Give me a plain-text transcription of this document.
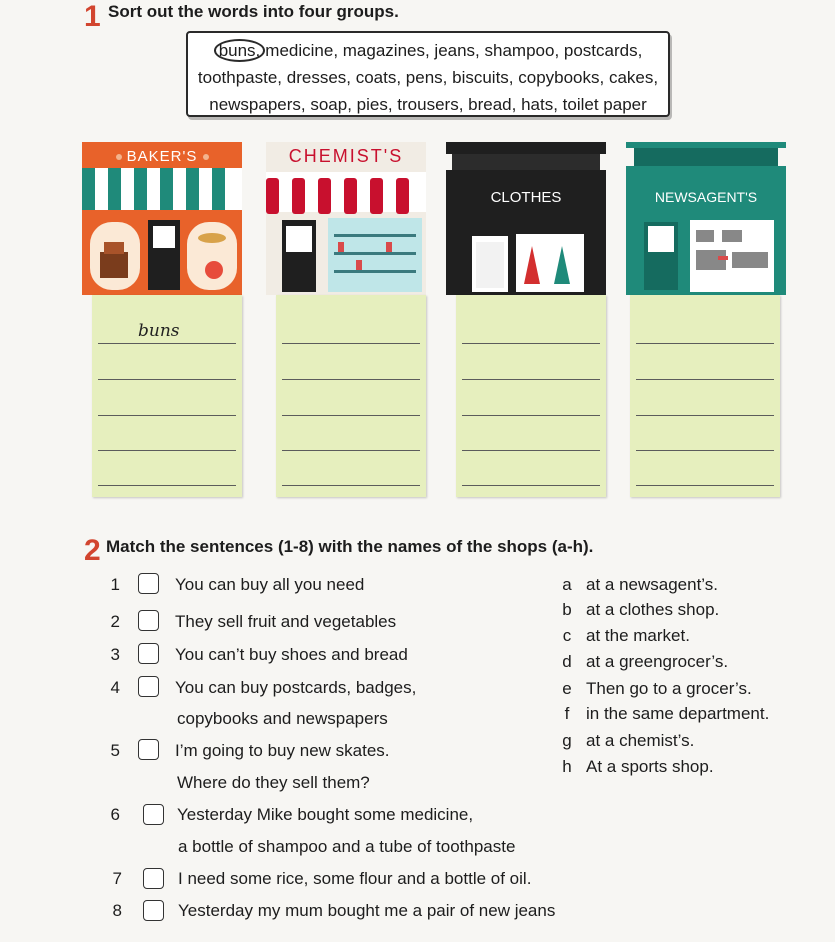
1 Sort out the words into four groups.
buns, medicine, magazines, jeans, shampoo, postcards,
toothpaste, dresses, coats, pens, biscuits, copybooks, cakes,
newspapers, soap, pies, trousers, bread, hats, toilet paper
BAKER'S	CHEMIST'S
CLOTHES	NEWSAGENT'S
buns
2 Match the sentences (1-8) with the names of the shops (a-h).
1	You can buy all you need
2	They sell fruit and vegetables
3	You can’t buy shoes and bread
4	You can buy postcards, badges,
copybooks and newspapers
5	I’m going to buy new skates.
Where do they sell them?
6	Yesterday Mike bought some medicine,
a bottle of shampoo and a tube of toothpaste
7	I need some rice, some flour and a bottle of oil.
8	Yesterday my mum bought me a pair of new jeans
a at a newsagent’s.
b at a clothes shop.
c at the market.
d at a greengrocer’s.
e Then go to a grocer’s.
f in the same department.
g at a chemist’s.
h At a sports shop.
